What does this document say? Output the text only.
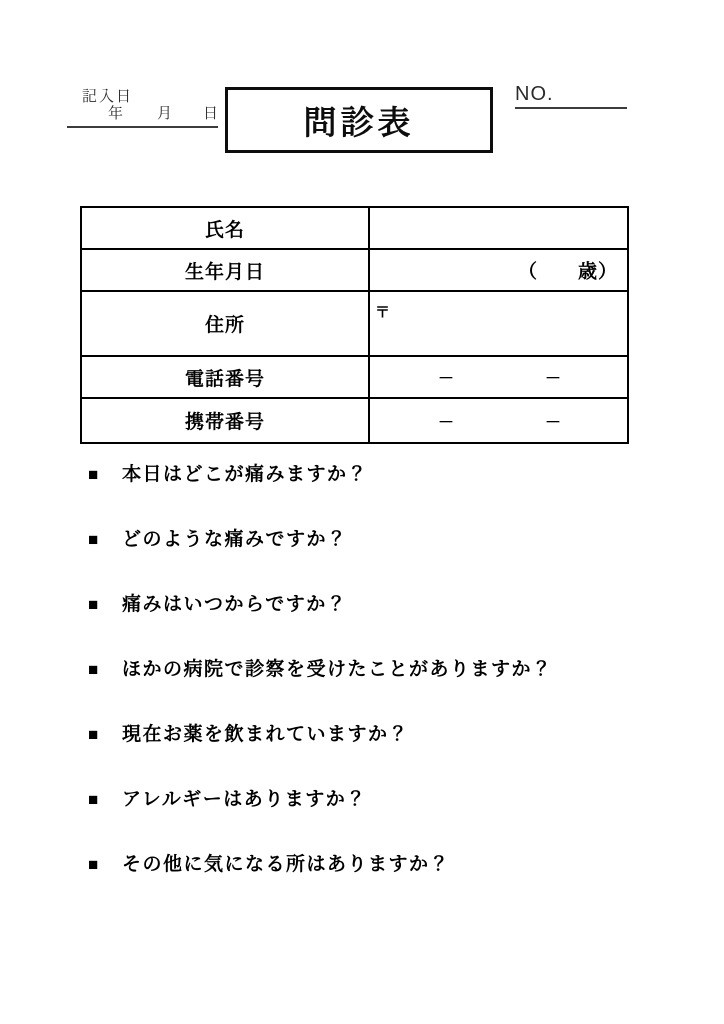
記入日
年 月 日	問診表
NO.
氏名	

生年月日	（　　歳）

住所	〒

電話番号	－ －

携帯番号	－ －
■	本日はどこが痛みますか？
■	どのような痛みですか？
■	痛みはいつからですか？
■	ほかの病院で診察を受けたことがありますか？
■	現在お薬を飲まれていますか？
■	アレルギーはありますか？
■	その他に気になる所はありますか？
